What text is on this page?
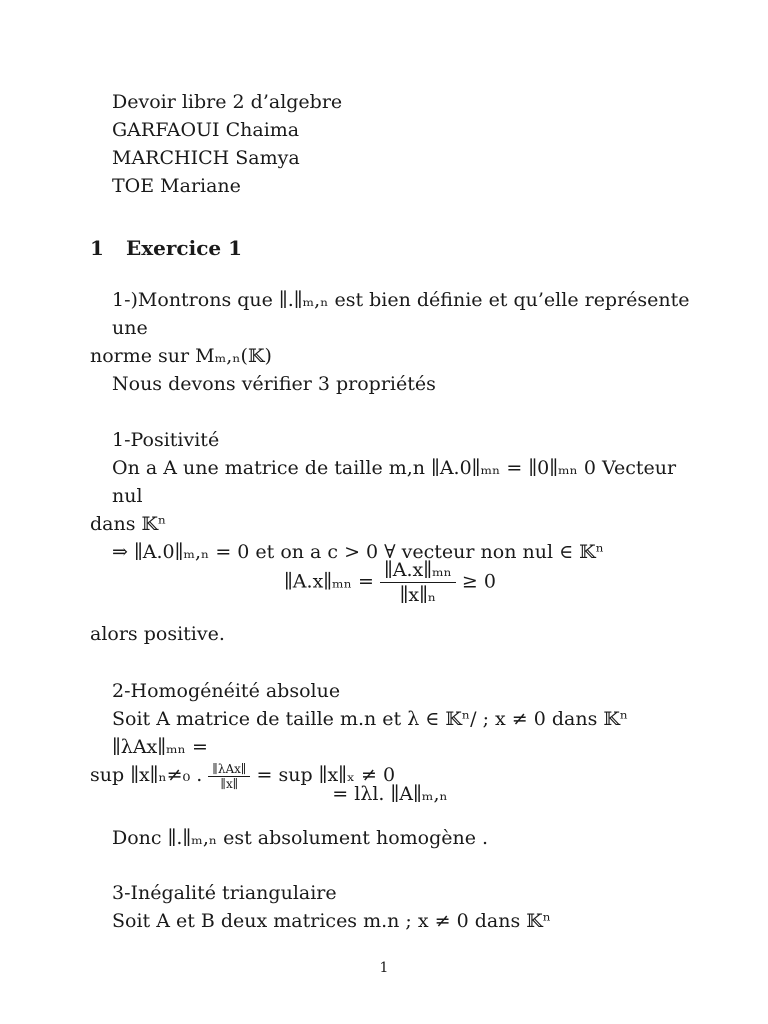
Devoir libre 2 d’algebre
GARFAOUI Chaima
MARCHICH Samya
TOE Mariane
1 Exercice 1
1-)Montrons que ∥.∥ₘ,ₙ est bien définie et qu’elle représente une
norme sur Mₘ,ₙ(𝕂)
Nous devons vérifier 3 propriétés
1-Positivité
On a A une matrice de taille m,n ∥A.0∥ₘₙ = ∥0∥ₘₙ 0 Vecteur nul
dans 𝕂ⁿ
⇒ ∥A.0∥ₘ,ₙ = 0 et on a c > 0 ∀ vecteur non nul ∈ 𝕂ⁿ
∥A.x∥ₘₙ = $\frac{\text{∥A.x∥ₘₙ}}{\text{∥x∥ₙ}} \ge 0$
alors positive.
2-Homogénéité absolue
Soit A matrice de taille m.n et λ ∈ 𝕂ⁿ/ ; x ≠ 0 dans 𝕂ⁿ ∥λAx∥ₘₙ =
sup ∥x∥ₙ≠₀ . $\frac{\text{∥λAx∥}}{\parallel x\parallel}$ = sup ∥x∥ₓ ≠ 0
= lλl. ∥A∥ₘ,ₙ
Donc ∥.∥ₘ,ₙ est absolument homogène .
3-Inégalité triangulaire
Soit A et B deux matrices m.n ; x ≠ 0 dans 𝕂ⁿ
1
